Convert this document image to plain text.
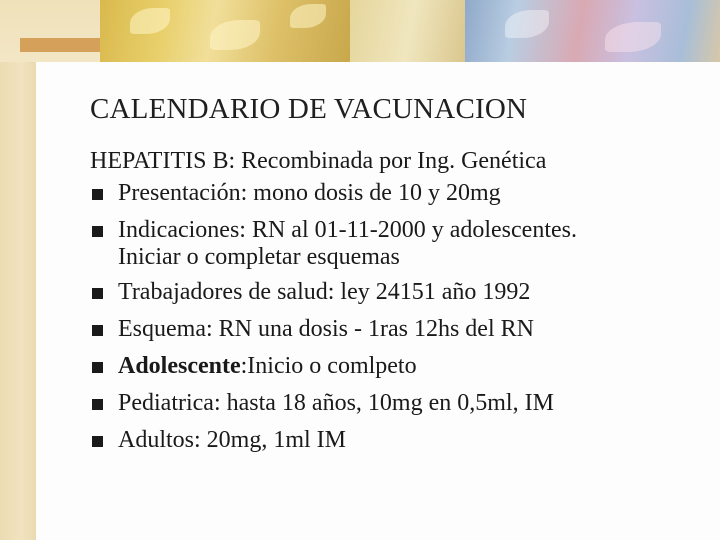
CALENDARIO DE VACUNACION

HEPATITIS B: Recombinada por Ing. Genética

Presentación: mono dosis de 10 y 20mg
Indicaciones: RN al 01-11-2000 y adolescentes.
Iniciar o completar esquemas
Trabajadores de salud: ley 24151 año 1992
Esquema: RN una dosis - 1ras 12hs del RN
Adolescente:Inicio o comlpeto
Pediatrica: hasta 18 años, 10mg en 0,5ml, IM
Adultos: 20mg, 1ml IM
